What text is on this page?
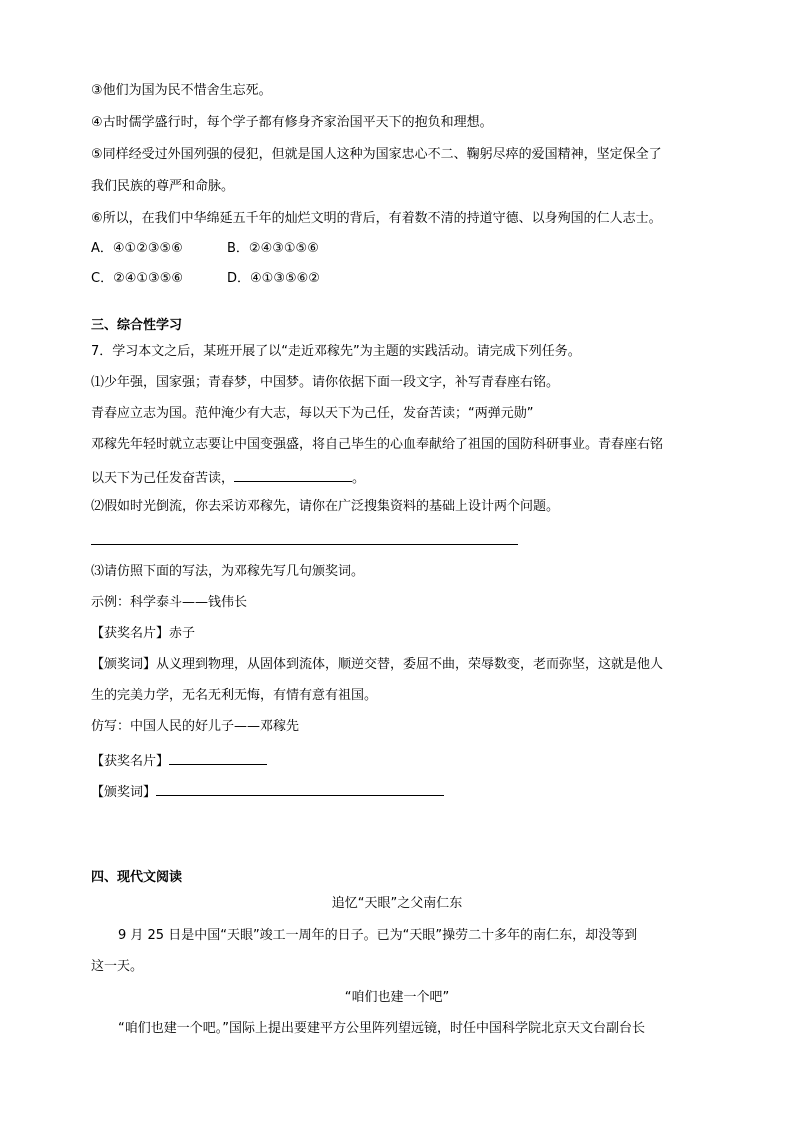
③他们为国为民不惜舍生忘死。
④古时儒学盛行时，每个学子都有修身齐家治国平天下的抱负和理想。
⑤同样经受过外国列强的侵犯，但就是国人这种为国家忠心不二、鞠躬尽瘁的爱国精神，坚定保全了
我们民族的尊严和命脉。
⑥所以，在我们中华绵延五千年的灿烂文明的背后，有着数不清的持道守德、以身殉国的仁人志士。
A．④①②③⑤⑥	B．②④③①⑤⑥
C．②④①③⑤⑥	D．④①③⑤⑥②
三、综合性学习
7．学习本文之后，某班开展了以“走近邓稼先”为主题的实践活动。请完成下列任务。
⑴少年强，国家强；青春梦，中国梦。请你依据下面一段文字，补写青春座右铭。
青春应立志为国。范仲淹少有大志，每以天下为己任，发奋苦读；“两弹元勋”
邓稼先年轻时就立志要让中国变强盛，将自己毕生的心血奉献给了祖国的国防科研事业。青春座右铭
以天下为己任发奋苦读，	。
⑵假如时光倒流，你去采访邓稼先，请你在广泛搜集资料的基础上设计两个问题。
⑶请仿照下面的写法，为邓稼先写几句颁奖词。
示例：科学泰斗——钱伟长
【获奖名片】赤子
【颁奖词】从义理到物理，从固体到流体，顺逆交替，委屈不曲，荣辱数变，老而弥坚，这就是他人
生的完美力学，无名无利无悔，有情有意有祖国。
仿写：中国人民的好儿子——邓稼先
【获奖名片】
【颁奖词】
四、现代文阅读
追忆“天眼”之父南仁东
9 月 25 日是中国“天眼”竣工一周年的日子。已为“天眼”操劳二十多年的南仁东，却没等到
这一天。
“咱们也建一个吧”
“咱们也建一个吧。”国际上提出要建平方公里阵列望远镜，时任中国科学院北京天文台副台长
